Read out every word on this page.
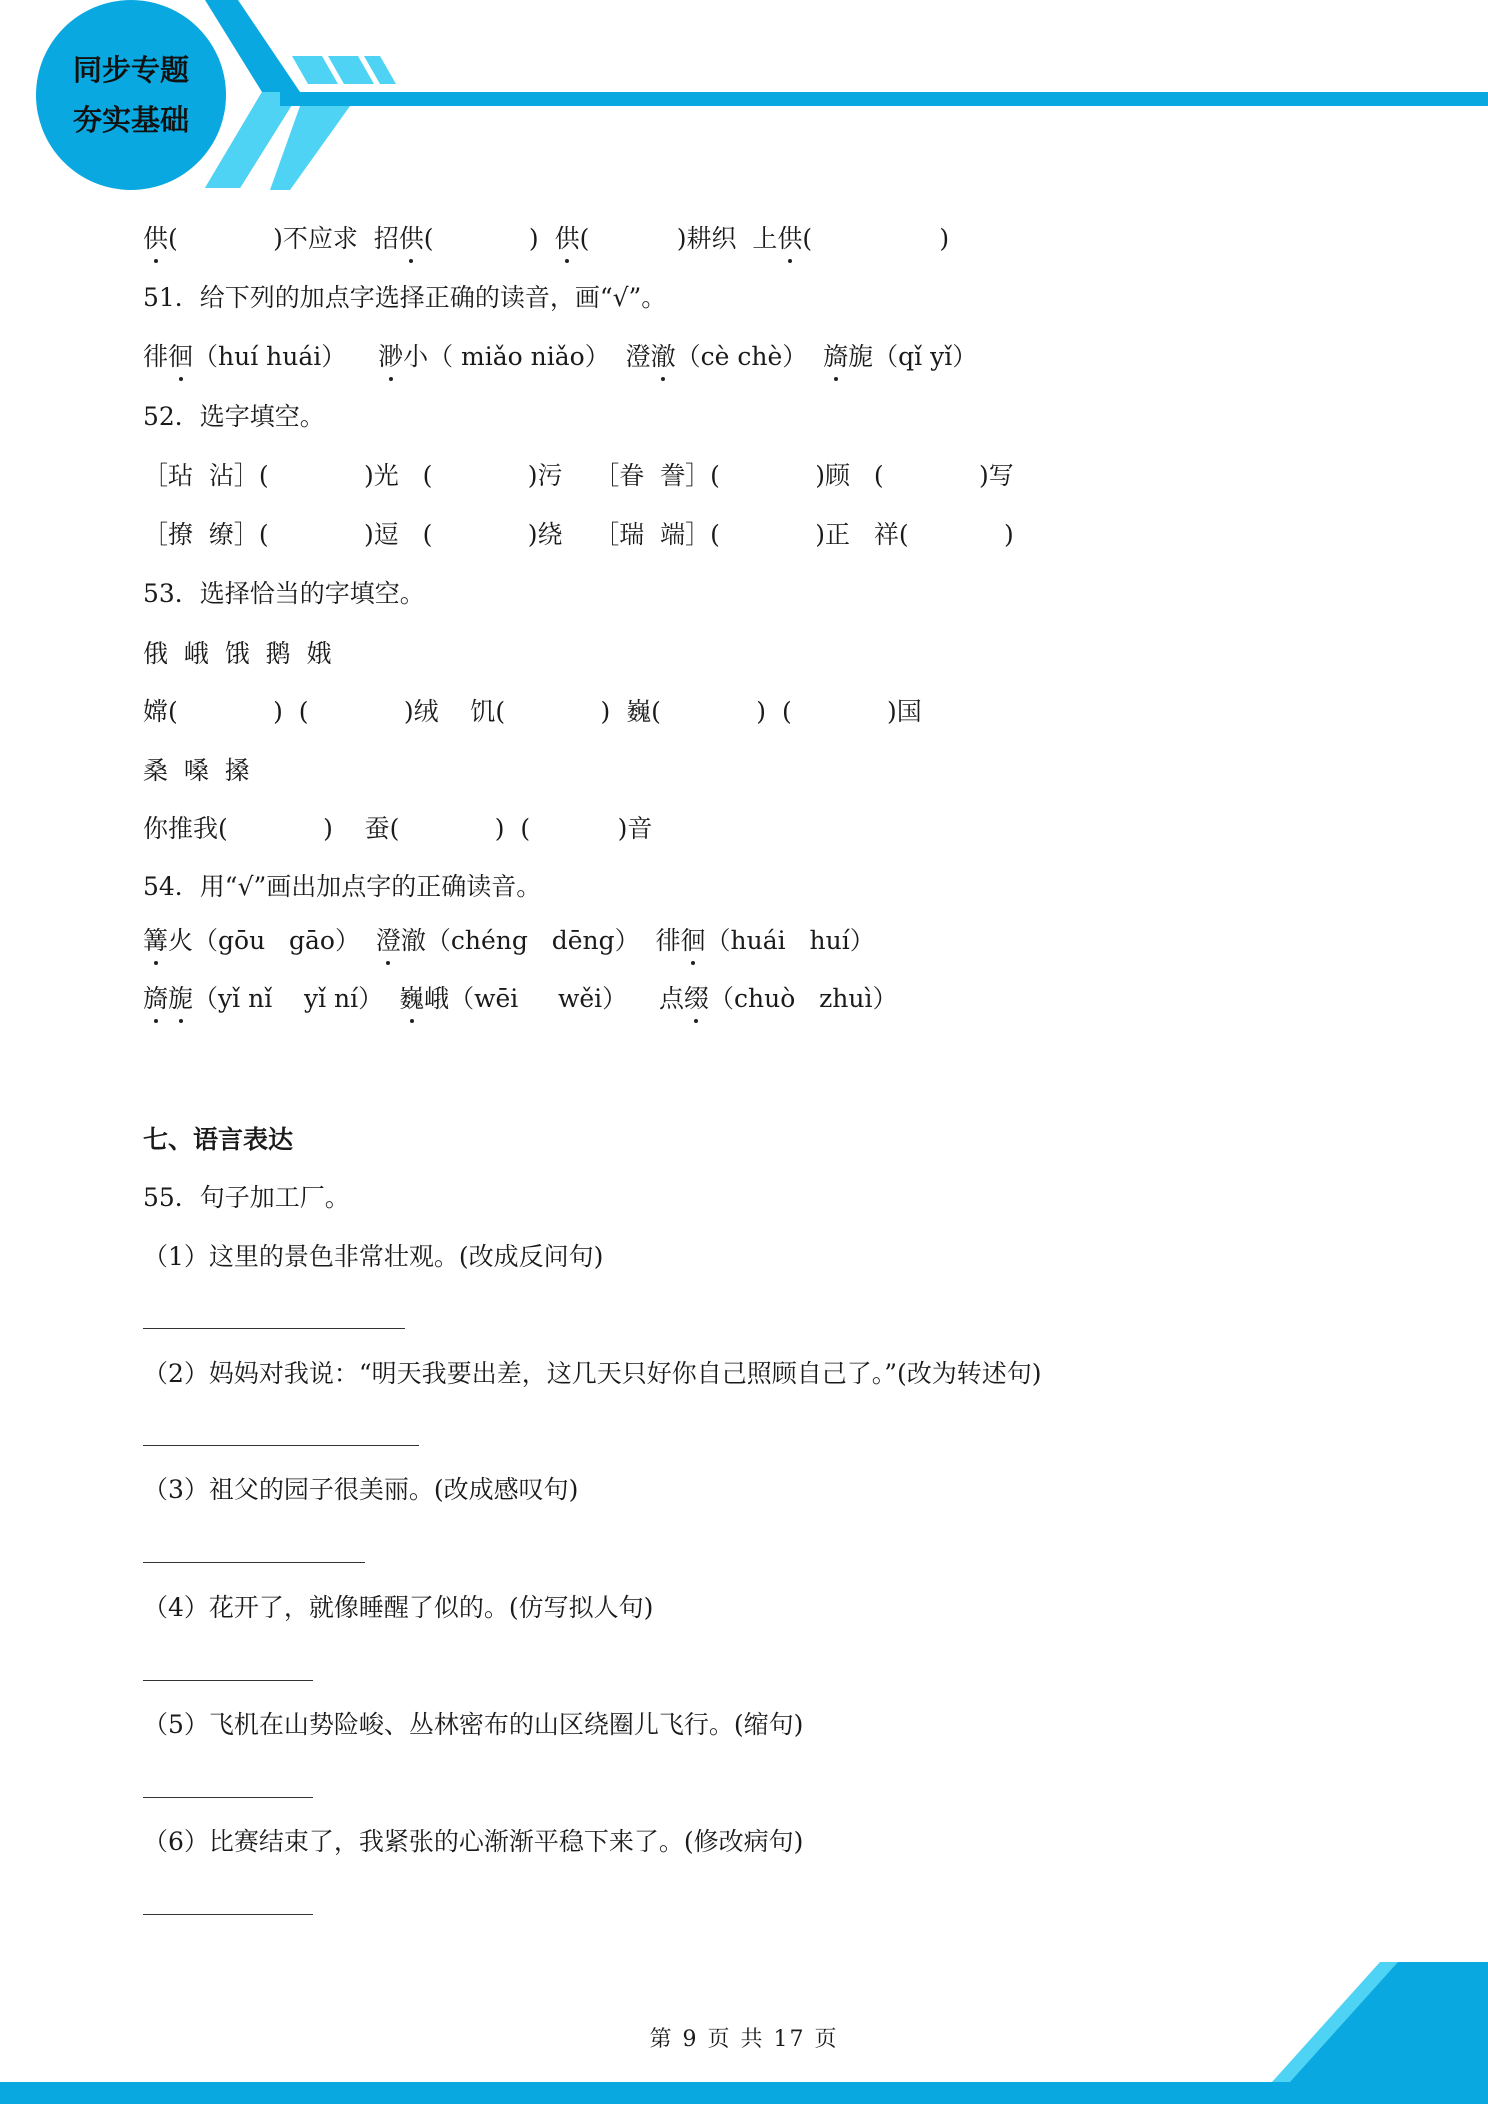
同步专题
夯实基础
供 (            )不应求  招 供 (            ) 供 (           )耕织  上 供 (                )
51．给下列的加点字选择正确的读音，画“√”。
徘 徊 （huí huái） 渺 小（ miǎo niǎo）  澄 澈 （cè chè） 旖 旎（qǐ yǐ）
52．选字填空。
［玷  沾］(            )光   (            )污    ［眷  誊］(            )顾   (            )写
［撩  缭］(            )逗   (            )绕    ［瑞  端］(            )正   祥(            )
53．选择恰当的字填空。
俄  峨  饿  鹅  娥
嫦(            )  (            )绒    饥(            )  巍(            )  (            )国
桑  嗓  搡
你推我(            )    蚕(            )  (           )音
54．用“√”画出加点字的正确读音。
篝 火（gōu   gāo） 澄 澈（chéng   dēng）  徘 徊 （huái   huí）
旖 旎 （yǐ nǐ    yǐ ní） 巍 峨（wēi     wěi）    点 缀 （chuò   zhuì）
七、语言表达
55．句子加工厂。
（1）这里的景色非常壮观。(改成反问句)
（2）妈妈对我说：“明天我要出差，这几天只好你自己照顾自己了。”(改为转述句)
（3）祖父的园子很美丽。(改成感叹句)
（4）花开了，就像睡醒了似的。(仿写拟人句)
（5）飞机在山势险峻、丛林密布的山区绕圈儿飞行。(缩句)
（6）比赛结束了，我紧张的心渐渐平稳下来了。(修改病句)
第 9 页 共 17 页
